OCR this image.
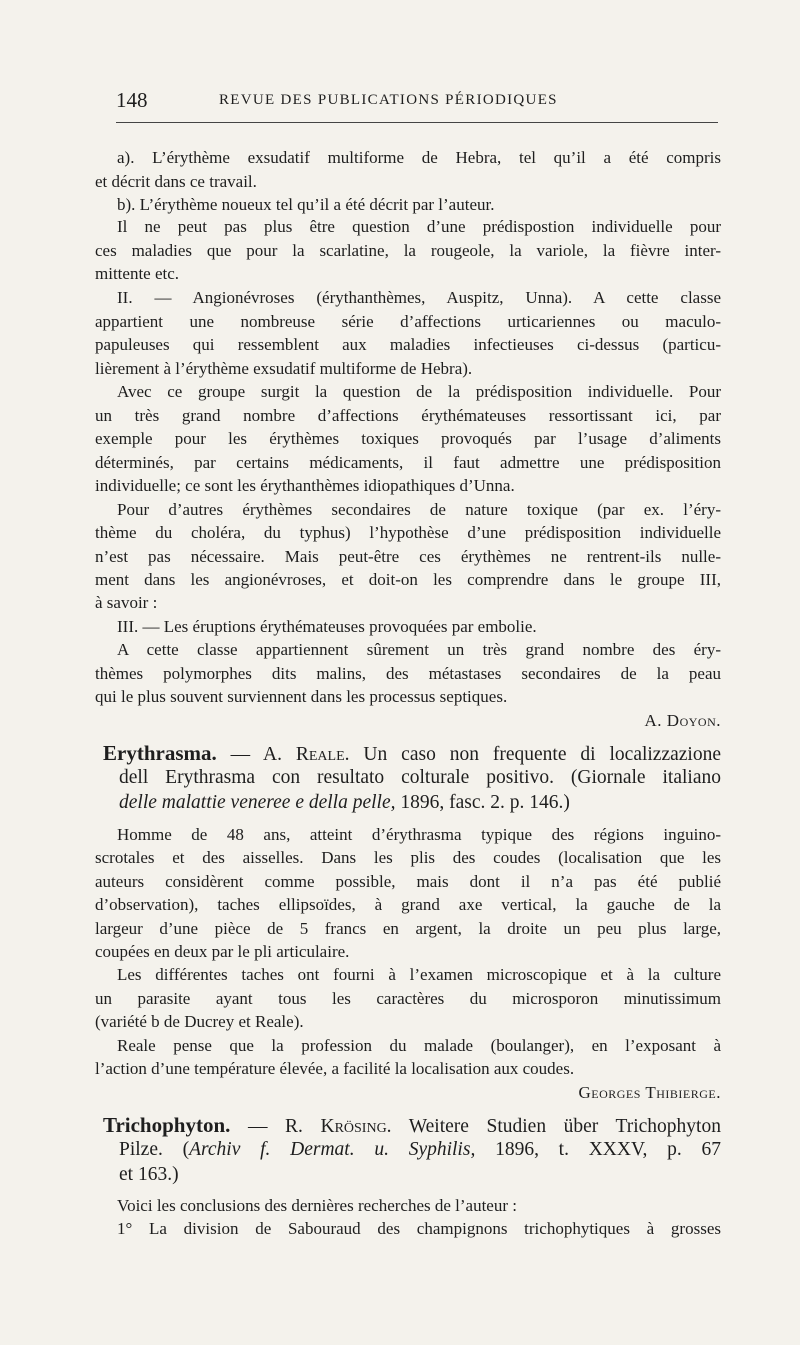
148	REVUE DES PUBLICATIONS PÉRIODIQUES
a). L’érythème exsudatif multiforme de Hebra, tel qu’il a été compris
et décrit dans ce travail.
b). L’érythème noueux tel qu’il a été décrit par l’auteur.
Il ne peut pas plus être question d’une prédispostion individuelle pour
ces maladies que pour la scarlatine, la rougeole, la variole, la fièvre inter-
mittente etc.
II. — Angionévroses (érythanthèmes, Auspitz, Unna). A cette classe
appartient une nombreuse série d’affections urticariennes ou maculo-
papuleuses qui ressemblent aux maladies infectieuses ci-dessus (particu-
lièrement à l’érythème exsudatif multiforme de Hebra).
Avec ce groupe surgit la question de la prédisposition individuelle. Pour
un très grand nombre d’affections érythémateuses ressortissant ici, par
exemple pour les érythèmes toxiques provoqués par l’usage d’aliments
déterminés, par certains médicaments, il faut admettre une prédisposition
individuelle; ce sont les érythanthèmes idiopathiques d’Unna.
Pour d’autres érythèmes secondaires de nature toxique (par ex. l’éry-
thème du choléra, du typhus) l’hypothèse d’une prédisposition individuelle
n’est pas nécessaire. Mais peut-être ces érythèmes ne rentrent-ils nulle-
ment dans les angionévroses, et doit-on les comprendre dans le groupe III,
à savoir :
III. — Les éruptions érythémateuses provoquées par embolie.
A cette classe appartiennent sûrement un très grand nombre des éry-
thèmes polymorphes dits malins, des métastases secondaires de la peau
qui le plus souvent surviennent dans les processus septiques.
A. Doyon.
Erythrasma. — A. Reale. Un caso non frequente di localizzazione
dell Erythrasma con resultato colturale positivo. (Giornale italiano
delle malattie veneree e della pelle, 1896, fasc. 2. p. 146.)
Homme de 48 ans, atteint d’érythrasma typique des régions inguino-
scrotales et des aisselles. Dans les plis des coudes (localisation que les
auteurs considèrent comme possible, mais dont il n’a pas été publié
d’observation), taches ellipsoïdes, à grand axe vertical, la gauche de la
largeur d’une pièce de 5 francs en argent, la droite un peu plus large,
coupées en deux par le pli articulaire.
Les différentes taches ont fourni à l’examen microscopique et à la culture
un parasite ayant tous les caractères du microsporon minutissimum
(variété b de Ducrey et Reale).
Reale pense que la profession du malade (boulanger), en l’exposant à
l’action d’une température élevée, a facilité la localisation aux coudes.
Georges Thibierge.
Trichophyton. — R. Krösing. Weitere Studien über Trichophyton
Pilze. (Archiv f. Dermat. u. Syphilis, 1896, t. XXXV, p. 67
et 163.)
Voici les conclusions des dernières recherches de l’auteur :
1° La division de Sabouraud des champignons trichophytiques à grosses
